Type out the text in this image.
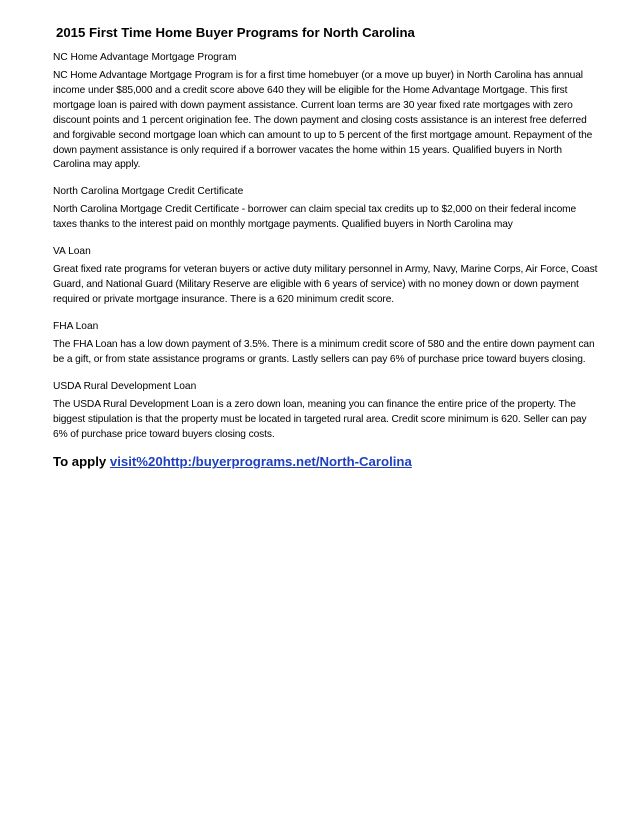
2015 First Time Home Buyer Programs for North Carolina

NC Home Advantage Mortgage Program

NC Home Advantage Mortgage Program is for a first time homebuyer (or a move up buyer) in North Carolina has annual income under $85,000 and a credit score above 640 they will be eligible for the Home Advantage Mortgage. This first mortgage loan is paired with down payment assistance. Current loan terms are 30 year fixed rate mortgages with zero discount points and 1 percent origination fee. The down payment and closing costs assistance is an interest free deferred and forgivable second mortgage loan which can amount to up to 5 percent of the first mortgage amount. Repayment of the down payment assistance is only required if a borrower vacates the home within 15 years. Qualified buyers in North Carolina may apply.

North Carolina Mortgage Credit Certificate

North Carolina Mortgage Credit Certificate - borrower can claim special tax credits up to $2,000 on their federal income taxes thanks to the interest paid on monthly mortgage payments. Qualified buyers in North Carolina may

VA Loan

Great fixed rate programs for veteran buyers or active duty military personnel in Army, Navy, Marine Corps, Air Force, Coast Guard, and National Guard (Military Reserve are eligible with 6 years of service) with no money down or down payment required or private mortgage insurance. There is a 620 minimum credit score.

FHA Loan

The FHA Loan has a low down payment of 3.5%. There is a minimum credit score of 580 and the entire down payment can be a gift, or from state assistance programs or grants. Lastly sellers can pay 6% of purchase price toward buyers closing.

USDA Rural Development Loan

The USDA Rural Development Loan is a zero down loan, meaning you can finance the entire price of the property. The biggest stipulation is that the property must be located in targeted rural area. Credit score minimum is 620. Seller can pay 6% of purchase price toward buyers closing costs.

To apply visit%20http:/buyerprograms.net/North-Carolina
